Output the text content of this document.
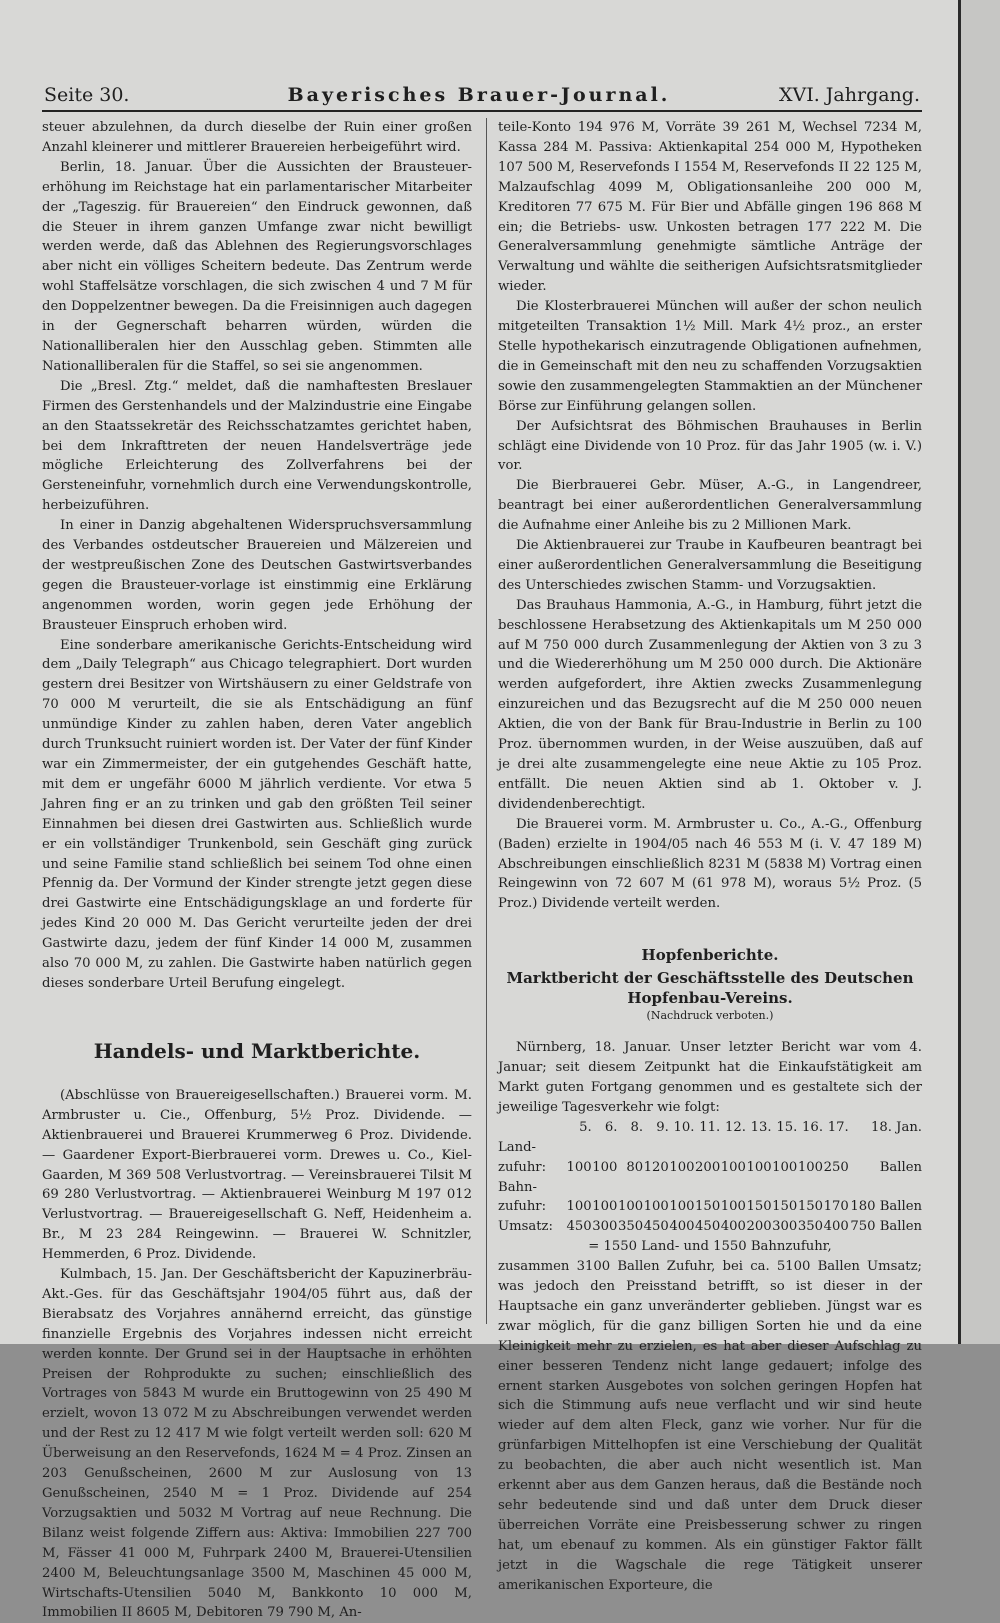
Seite 30.	Bayerisches Brauer-Journal.	XVI. Jahrgang.

steuer abzulehnen, da durch dieselbe der Ruin einer großen Anzahl kleinerer und mittlerer Brauereien herbeigeführt wird.

Berlin, 18. Januar. Über die Aussichten der Brausteuer-erhöhung im Reichstage hat ein parlamentarischer Mitarbeiter der „Tageszig. für Brauereien“ den Eindruck gewonnen, daß die Steuer in ihrem ganzen Umfange zwar nicht bewilligt werden werde, daß das Ablehnen des Regierungsvorschlages aber nicht ein völliges Scheitern bedeute. Das Zentrum werde wohl Staffelsätze vorschlagen, die sich zwischen 4 und 7 M für den Doppelzentner bewegen. Da die Freisinnigen auch dagegen in der Gegnerschaft beharren würden, würden die Nationalliberalen hier den Ausschlag geben. Stimmten alle Nationalliberalen für die Staffel, so sei sie angenommen.

Die „Bresl. Ztg.“ meldet, daß die namhaftesten Breslauer Firmen des Gerstenhandels und der Malzindustrie eine Eingabe an den Staatssekretär des Reichsschatzamtes gerichtet haben, bei dem Inkrafttreten der neuen Handelsverträge jede mögliche Erleichterung des Zollverfahrens bei der Gersteneinfuhr, vornehmlich durch eine Verwendungskontrolle, herbeizuführen.

In einer in Danzig abgehaltenen Widerspruchsversammlung des Verbandes ostdeutscher Brauereien und Mälzereien und der westpreußischen Zone des Deutschen Gastwirtsverbandes gegen die Brausteuer-vorlage ist einstimmig eine Erklärung angenommen worden, worin gegen jede Erhöhung der Brausteuer Einspruch erhoben wird.

Eine sonderbare amerikanische Gerichts-Entscheidung wird dem „Daily Telegraph“ aus Chicago telegraphiert. Dort wurden gestern drei Besitzer von Wirtshäusern zu einer Geldstrafe von 70 000 M verurteilt, die sie als Entschädigung an fünf unmündige Kinder zu zahlen haben, deren Vater angeblich durch Trunksucht ruiniert worden ist. Der Vater der fünf Kinder war ein Zimmermeister, der ein gutgehendes Geschäft hatte, mit dem er ungefähr 6000 M jährlich verdiente. Vor etwa 5 Jahren fing er an zu trinken und gab den größten Teil seiner Einnahmen bei diesen drei Gastwirten aus. Schließlich wurde er ein vollständiger Trunkenbold, sein Geschäft ging zurück und seine Familie stand schließlich bei seinem Tod ohne einen Pfennig da. Der Vormund der Kinder strengte jetzt gegen diese drei Gastwirte eine Entschädigungsklage an und forderte für jedes Kind 20 000 M. Das Gericht verurteilte jeden der drei Gastwirte dazu, jedem der fünf Kinder 14 000 M, zusammen also 70 000 M, zu zahlen. Die Gastwirte haben natürlich gegen dieses sonderbare Urteil Berufung eingelegt.

Handels- und Marktberichte.

(Abschlüsse von Brauereigesellschaften.) Brauerei vorm. M. Armbruster u. Cie., Offenburg, 5½ Proz. Dividende. — Aktienbrauerei und Brauerei Krummerweg 6 Proz. Dividende. — Gaardener Export-Bierbrauerei vorm. Drewes u. Co., Kiel-Gaarden, M 369 508 Verlustvortrag. — Vereinsbrauerei Tilsit M 69 280 Verlustvortrag. — Aktienbrauerei Weinburg M 197 012 Verlustvortrag. — Brauereigesellschaft G. Neff, Heidenheim a. Br., M 23 284 Reingewinn. — Brauerei W. Schnitzler, Hemmerden, 6 Proz. Dividende.

Kulmbach, 15. Jan. Der Geschäftsbericht der Kapuzinerbräu-Akt.-Ges. für das Geschäftsjahr 1904/05 führt aus, daß der Bierabsatz des Vorjahres annähernd erreicht, das günstige finanzielle Ergebnis des Vorjahres indessen nicht erreicht werden konnte. Der Grund sei in der Hauptsache in erhöhten Preisen der Rohprodukte zu suchen; einschließlich des Vortrages von 5843 M wurde ein Bruttogewinn von 25 490 M erzielt, wovon 13 072 M zu Abschreibungen verwendet werden und der Rest zu 12 417 M wie folgt verteilt werden soll: 620 M Überweisung an den Reservefonds, 1624 M = 4 Proz. Zinsen an 203 Genußscheinen, 2600 M zur Auslosung von 13 Genußscheinen, 2540 M = 1 Proz. Dividende auf 254 Vorzugsaktien und 5032 M Vortrag auf neue Rechnung. Die Bilanz weist folgende Ziffern aus: Aktiva: Immobilien 227 700 M, Fässer 41 000 M, Fuhrpark 2400 M, Brauerei-Utensilien 2400 M, Beleuchtungsanlage 3500 M, Maschinen 45 000 M, Wirtschafts-Utensilien 5040 M, Bankkonto 10 000 M, Immobilien II 8605 M, Debitoren 79 790 M, An-

teile-Konto 194 976 M, Vorräte 39 261 M, Wechsel 7234 M, Kassa 284 M. Passiva: Aktienkapital 254 000 M, Hypotheken 107 500 M, Reservefonds I 1554 M, Reservefonds II 22 125 M, Malzaufschlag 4099 M, Obligationsanleihe 200 000 M, Kreditoren 77 675 M. Für Bier und Abfälle gingen 196 868 M ein; die Betriebs- usw. Unkosten betragen 177 222 M. Die Generalversammlung genehmigte sämtliche Anträge der Verwaltung und wählte die seitherigen Aufsichtsratsmitglieder wieder.

Die Klosterbrauerei München will außer der schon neulich mitgeteilten Transaktion 1½ Mill. Mark 4½ proz., an erster Stelle hypothekarisch einzutragende Obligationen aufnehmen, die in Gemeinschaft mit den neu zu schaffenden Vorzugsaktien sowie den zusammengelegten Stammaktien an der Münchener Börse zur Einführung gelangen sollen.

Der Aufsichtsrat des Böhmischen Brauhauses in Berlin schlägt eine Dividende von 10 Proz. für das Jahr 1905 (w. i. V.) vor.

Die Bierbrauerei Gebr. Müser, A.-G., in Langendreer, beantragt bei einer außerordentlichen Generalversammlung die Aufnahme einer Anleihe bis zu 2 Millionen Mark.

Die Aktienbrauerei zur Traube in Kaufbeuren beantragt bei einer außerordentlichen Generalversammlung die Beseitigung des Unterschiedes zwischen Stamm- und Vorzugsaktien.

Das Brauhaus Hammonia, A.-G., in Hamburg, führt jetzt die beschlossene Herabsetzung des Aktienkapitals um M 250 000 auf M 750 000 durch Zusammenlegung der Aktien von 3 zu 3 und die Wiedererhöhung um M 250 000 durch. Die Aktionäre werden aufgefordert, ihre Aktien zwecks Zusammenlegung einzureichen und das Bezugsrecht auf die M 250 000 neuen Aktien, die von der Bank für Brau-Industrie in Berlin zu 100 Proz. übernommen wurden, in der Weise auszuüben, daß auf je drei alte zusammengelegte eine neue Aktie zu 105 Proz. entfällt. Die neuen Aktien sind ab 1. Oktober v. J. dividendenberechtigt.

Die Brauerei vorm. M. Armbruster u. Co., A.-G., Offenburg (Baden) erzielte in 1904/05 nach 46 553 M (i. V. 47 189 M) Abschreibungen einschließlich 8231 M (5838 M) Vortrag einen Reingewinn von 72 607 M (61 978 M), woraus 5½ Proz. (5 Proz.) Dividende verteilt werden.

Hopfenberichte.
Marktbericht der Geschäftsstelle des Deutschen Hopfenbau-Vereins.
(Nachdruck verboten.)

Nürnberg, 18. Januar. Unser letzter Bericht war vom 4. Januar; seit diesem Zeitpunkt hat die Einkaufstätigkeit am Markt guten Fortgang genommen und es gestaltete sich der jeweilige Tagesverkehr wie folgt:

	5.	6.	8.	9.	10.	11.	12.	13.	15.	16.	17.	18. Jan.
Land-												
zufuhr:	100	100	80	120	100	200	100	100	100	100	250	Ballen
Bahn-												
zufuhr:	100	100	100	100	100	150	100	150	150	150	170	180 Ballen
Umsatz:	450	300	350	450	400	450	400	200	300	350	400	750 Ballen
= 1550 Land- und 1550 Bahnzufuhr,												

zusammen 3100 Ballen Zufuhr, bei ca. 5100 Ballen Umsatz; was jedoch den Preisstand betrifft, so ist dieser in der Hauptsache ein ganz unveränderter geblieben. Jüngst war es zwar möglich, für die ganz billigen Sorten hie und da eine Kleinigkeit mehr zu erzielen, es hat aber dieser Aufschlag zu einer besseren Tendenz nicht lange gedauert; infolge des ernent starken Ausgebotes von solchen geringen Hopfen hat sich die Stimmung aufs neue verflacht und wir sind heute wieder auf dem alten Fleck, ganz wie vorher. Nur für die grünfarbigen Mittelhopfen ist eine Verschiebung der Qualität zu beobachten, die aber auch nicht wesentlich ist. Man erkennt aber aus dem Ganzen heraus, daß die Bestände noch sehr bedeutende sind und daß unter dem Druck dieser überreichen Vorräte eine Preisbesserung schwer zu ringen hat, um ebenauf zu kommen. Als ein günstiger Faktor fällt jetzt in die Wagschale die rege Tätigkeit unserer amerikanischen Exporteure, die
